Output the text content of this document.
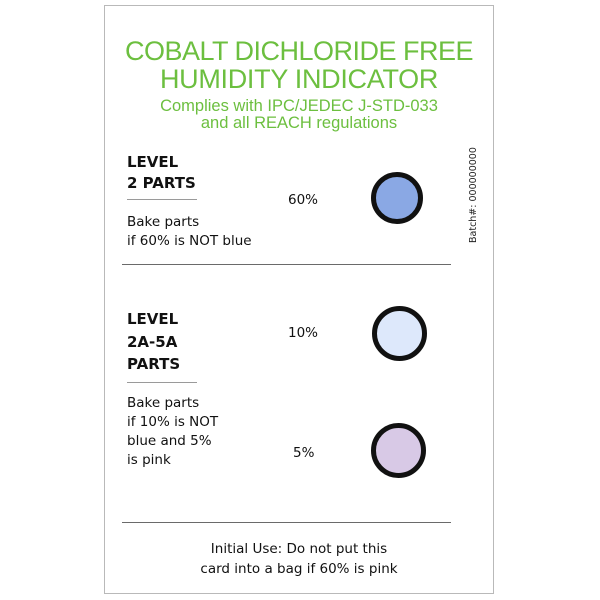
COBALT DICHLORIDE FREE
HUMIDITY INDICATOR
Complies with IPC/JEDEC J-STD-033
and all REACH regulations
LEVEL
2 PARTS
Bake parts
if 60% is NOT blue
60%	Batch#: 000000000
LEVEL
2A-5A
PARTS
Bake parts
if 10% is NOT
blue and 5%
is pink
10%
5%
Initial Use: Do not put this
card into a bag if 60% is pink
